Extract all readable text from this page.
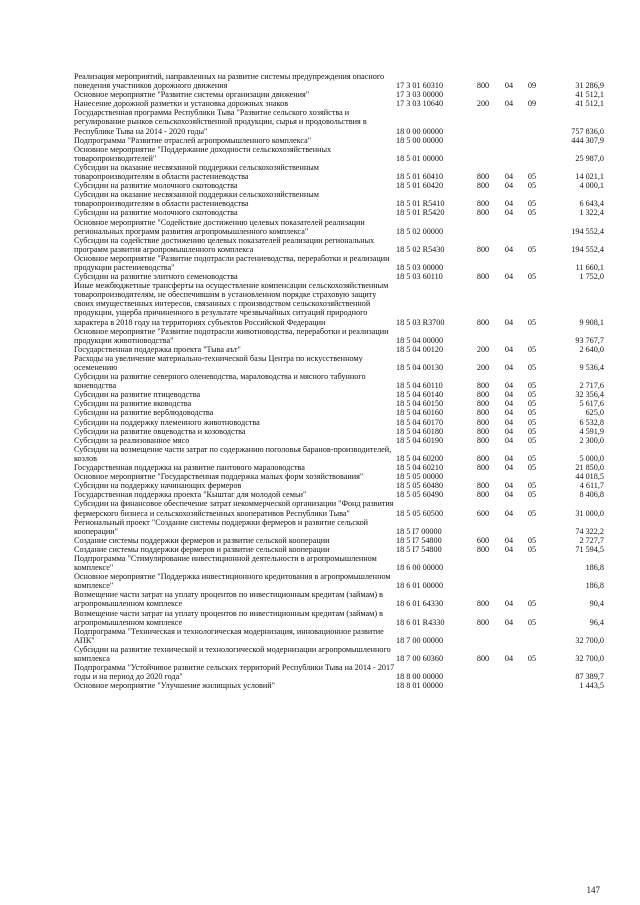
Реализация мероприятий, направленных на развитие системы предупреждения опасного поведения участников дорожного движения	17 3 01 60310	800	04	09	31 286,9
Основное мероприятие "Развитие системы организации движения"	17 3 03 00000				41 512,1
Нанесение дорожной разметки и установка дорожных знаков	17 3 03 10640	200	04	09	41 512,1
Государственная программа Республики Тыва "Развитие сельского хозяйства и регулирование рынков сельскохозяйственной продукции, сырья и продовольствия в Республике Тыва на 2014 - 2020 годы"	18 0 00 00000				757 836,0
Подпрограмма "Развитие отраслей агропромышленного комплекса"	18 5 00 00000				444 307,9
Основное мероприятие "Поддержание доходности сельскохозяйственных товаропроизводителей"	18 5 01 00000				25 987,0
Субсидии на оказание несвязанной поддержки сельскохозяйственным товаропроизводителям в области растениеводства	18 5 01 60410	800	04	05	14 021,1
Субсидии на развитие молочного скотоводства	18 5 01 60420	800	04	05	4 000,1
Субсидии на оказание несвязанной поддержки сельскохозяйственным товаропроизводителям в области растениеводства	18 5 01 R5410	800	04	05	6 643,4
Субсидии на развитие молочного скотоводства	18 5 01 R5420	800	04	05	1 322,4
Основное мероприятие "Содействие достижению целевых показателей реализации региональных программ развития агропромышленного комплекса"	18 5 02 00000				194 552,4
Субсидии на содействие достижению целевых показателей реализации региональных программ развития агропромышленного комплекса	18 5 02 R5430	800	04	05	194 552,4
Основное мероприятие "Развитие подотрасли растениеводства, переработки и реализации продукции растениеводства"	18 5 03 00000				11 660,1
Субсидии на развитие элитного семеноводства	18 5 03 60110	800	04	05	1 752,0
Иные межбюджетные трансферты на осуществление компенсации сельскохозяйственным товаропроизводителям, не обеспечившим в установленном порядке страховую защиту своих имущественных интересов, связанных с производством сельскохозяйственной продукции, ущерба причиненного в результате чрезвычайных ситуаций природного характера в 2018 году на территориях субъектов Российской Федерации	18 5 03 R3700	800	04	05	9 908,1
Основное мероприятие "Развитие подотрасли животноводства, переработки и реализации продукции животноводства"	18 5 04 00000				93 767,7
Государственная поддержка проекта "Тыва аът"	18 5 04 00120	200	04	05	2 640,0
Расходы на увеличение материально-технической базы Центра по искусственному осеменению	18 5 04 00130	200	04	05	9 536,4
Субсидии на развитие северного оленеводства, мараловодства и мясного табунного коневодства	18 5 04 60110	800	04	05	2 717,6
Субсидии на развитие птицеводства	18 5 04 60140	800	04	05	32 356,4
Субсидии на развитие яководства	18 5 04 60150	800	04	05	5 617,6
Субсидии на развитие верблюдоводства	18 5 04 60160	800	04	05	625,0
Субсидии на поддержку племенного животноводства	18 5 04 60170	800	04	05	6 532,8
Субсидии на развитие овцеводства и козоводства	18 5 04 60180	800	04	05	4 591,9
Субсидии за реализованное мясо	18 5 04 60190	800	04	05	2 300,0
Субсидии на возмещение части затрат по содержанию поголовья баранов-производителей, козлов	18 5 04 60200	800	04	05	5 000,0
Государственная поддержка на развитие пантового мараловодства	18 5 04 60210	800	04	05	21 850,0
Основное мероприятие "Государственная поддержка малых форм хозяйствования"	18 5 05 00000				44 018,5
Субсидии на поддержку начинающих фермеров	18 5 05 60480	800	04	05	4 611,7
Государственная поддержка проекта "Кыштаг для молодой семьи"	18 5 05 60490	800	04	05	8 406,8
Субсидии на финансовое обеспечение затрат некоммерческой организации "Фонд развития фермерского бизнеса и сельскохозяйственных кооперативов Республики Тыва"	18 5 05 60500	600	04	05	31 000,0
Региональный проект "Создание системы поддержки фермеров и развитие сельской кооперации"	18 5 I7 00000				74 322,2
Создание системы поддержки фермеров и развитие сельской кооперации	18 5 I7 54800	600	04	05	2 727,7
Создание системы поддержки фермеров и развитие сельской кооперации	18 5 I7 54800	800	04	05	71 594,5
Подпрограмма "Стимулирование инвестиционной деятельности в агропромышленном комплексе"	18 6 00 00000				186,8
Основное мероприятие "Поддержка инвестиционного кредитования в агропромышленном комплексе"	18 6 01 00000				186,8
Возмещение части затрат на уплату процентов по инвестиционным кредитам (займам) в агропромышленном комплексе	18 6 01 64330	800	04	05	90,4
Возмещение части затрат на уплату процентов по инвестиционным кредитам (займам) в агропромышленном комплексе	18 6 01 R4330	800	04	05	96,4
Подпрограмма "Техническая и технологическая модернизация, инновационное развитие АПК"	18 7 00 00000				32 700,0
Субсидии на развитие технической и технологической модернизации агропромышленного комплекса	18 7 00 60360	800	04	05	32 700,0
Подпрограмма "Устойчивое развитие сельских территорий Республики Тыва на 2014 - 2017 годы и на период до 2020 года"	18 8 00 00000				87 389,7
Основное мероприятие "Улучшение жилищных условий"	18 8 01 00000				1 443,5
147
